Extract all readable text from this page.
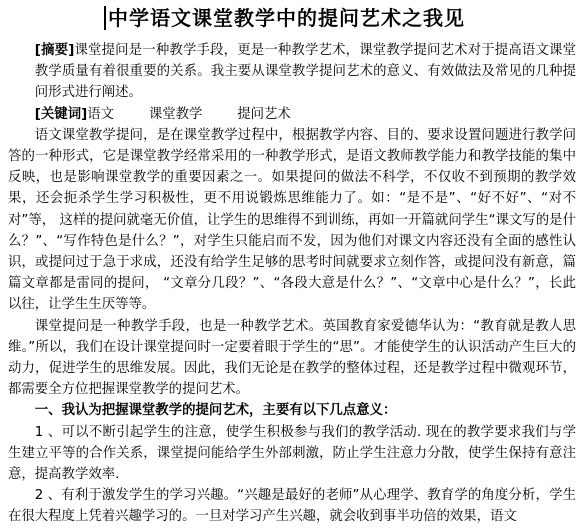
中学语文课堂教学中的提问艺术之我见

[摘要]课堂提问是一种教学手段，更是一种教学艺术，课堂教学提问艺术对于提高语文课堂教学质量有着很重要的关系。我主要从课堂教学提问艺术的意义、有效做法及常见的几种提问形式进行阐述。

[关键词]语文	课堂教学	提问艺术

语文课堂教学提问，是在课堂教学过程中，根据教学内容、目的、要求设置问题进行教学问答的一种形式，它是课堂教学经常采用的一种教学形式，是语文教师教学能力和教学技能的集中反映，也是影响课堂教学的重要因素之一。如果提问的做法不科学，不仅收不到预期的教学效果，还会扼杀学生学习积极性，更不用说锻炼思维能力了。如：“是不是”、“好不好”、“对不对”等， 这样的提问就毫无价值，让学生的思维得不到训练，再如一开篇就问学生“课文写的是什么？”、“写作特色是什么？”，对学生只能启而不发，因为他们对课文内容还没有全面的感性认识，或提问过于急于求成，还没有给学生足够的思考时间就要求立刻作答，或提问没有新意，篇篇文章都是雷同的提问， “文章分几段？”、“各段大意是什么？”、“文章中心是什么？”，长此以往，让学生生厌等等。

课堂提问是一种教学手段，也是一种教学艺术。英国教育家爱德华认为：“教育就是教人思维。”所以，我们在设计课堂提问时一定要着眼于学生的“思”。才能使学生的认识活动产生巨大的动力，促进学生的思维发展。因此，我们无论是在教学的整体过程，还是教学过程中微观环节，都需要全方位把握课堂教学的提问艺术。

一、我认为把握课堂教学的提问艺术，主要有以下几点意义：

1 、可以不断引起学生的注意，使学生积极参与我们的教学活动. 现在的教学要求我们与学生建立平等的合作关系，课堂提问能给学生外部刺激，防止学生注意力分散，使学生保持有意注意，提高教学效率.

2 、有利于激发学生的学习兴趣。“兴趣是最好的老师”从心理学、教育学的角度分析，学生在很大程度上凭着兴趣学习的。一旦对学习产生兴趣，就会收到事半功倍的效果，语文
